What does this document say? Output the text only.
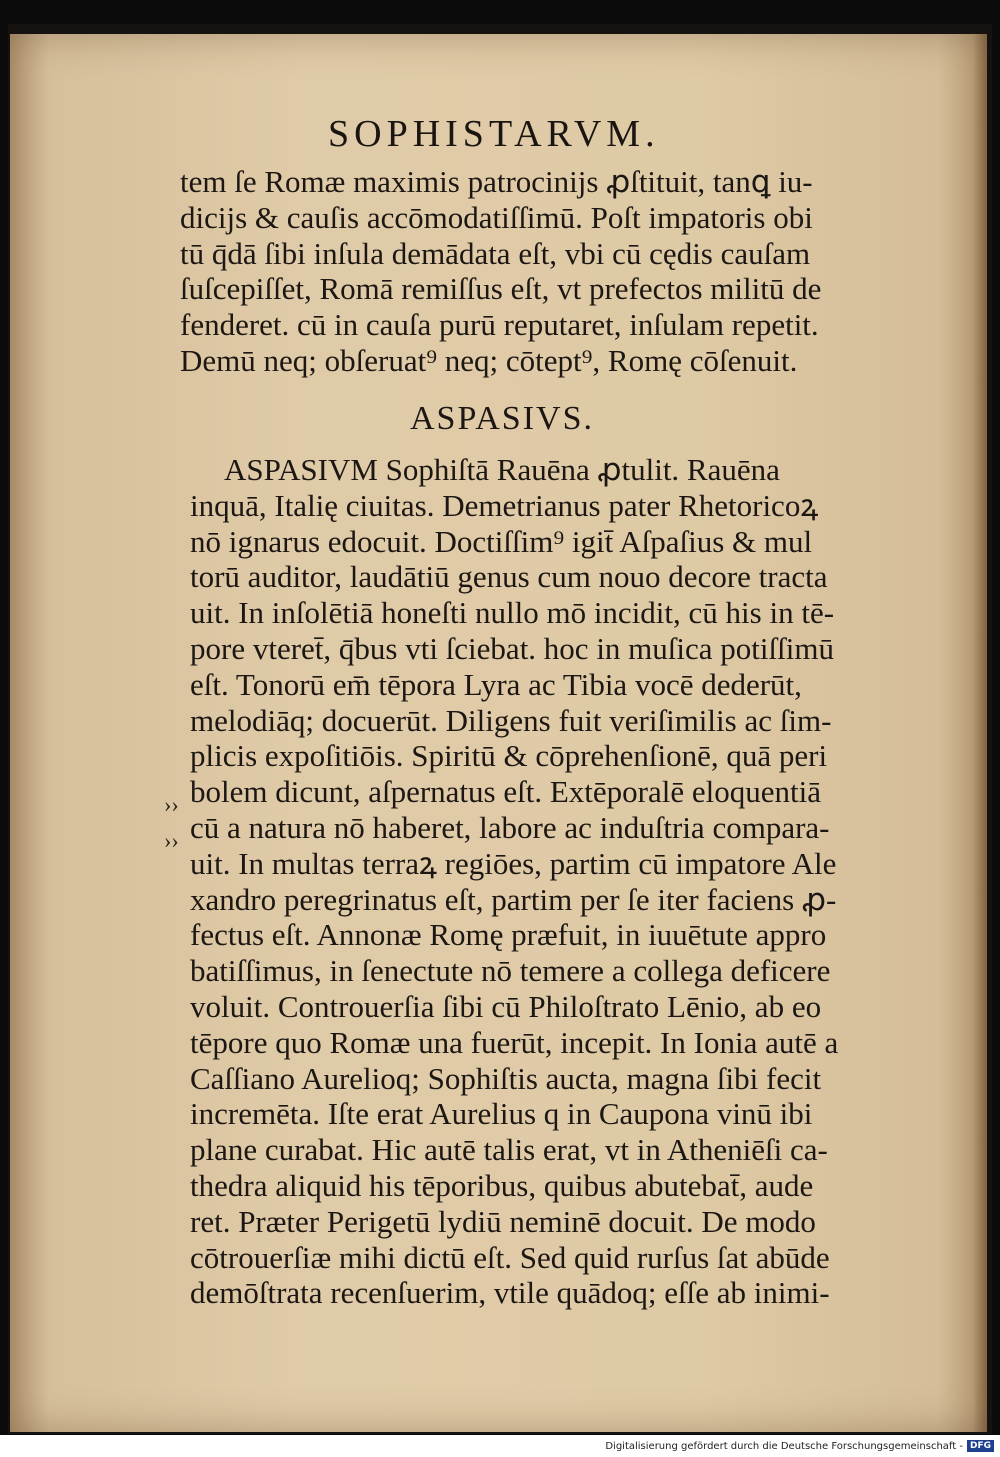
SOPHISTARVM.
tem ſe Romæ maximis patrocinijs ꝓſtituit, tanꝗ iu-
dicijs & cauſis accōmodatiſſimū. Poſt impatoris obi
tū q̄dā ſibi inſula demādata eſt, vbi cū cędis cauſam
ſuſcepiſſet, Romā remiſſus eſt, vt prefectos militū de
fenderet. cū in cauſa purū reputaret, inſulam repetit.
Demū neq; obſeruat⁹ neq; cōtept⁹, Romę cōſenuit.
ASPASIVS.
ASPASIVM Sophiſtā Rauēna ꝓtulit. Rauēna
inquā, Italię ciuitas. Demetrianus pater Rhetoricoꝝ
nō ignarus edocuit. Doctiſſim⁹ igit̄ Aſpaſius & mul
torū auditor, laudātiū genus cum nouo decore tracta
uit. In inſolētiā honeſti nullo mō incidit, cū his in tē-
pore vteret̄, q̄bus vti ſciebat. hoc in muſica potiſſimū
eſt. Tonorū em̄ tēpora Lyra ac Tibia vocē dederūt,
melodiāq; docuerūt. Diligens fuit veriſimilis ac ſim-
plicis expoſitiōis. Spiritū & cōprehenſionē, quā peri
bolem dicunt, aſpernatus eſt. Extēporalē eloquentiā
cū a natura nō haberet, labore ac induſtria compara-
uit. In multas terraꝝ regiōes, partim cū impatore Ale
xandro peregrinatus eſt, partim per ſe iter faciens ꝓ-
fectus eſt. Annonæ Romę præfuit, in iuuētute appro
batiſſimus, in ſenectute nō temere a collega deficere
voluit. Controuerſia ſibi cū Philoſtrato Lēnio, ab eo
tēpore quo Romæ una fuerūt, incepit. In Ionia autē a
Caſſiano Aurelioq; Sophiſtis aucta, magna ſibi fecit
incremēta. Iſte erat Aurelius q in Caupona vinū ibi
plane curabat. Hic autē talis erat, vt in Atheniēſi ca-
thedra aliquid his tēporibus, quibus abutebat̄, aude
ret. Præter Perigetū lydiū neminē docuit. De modo
cōtrouerſiæ mihi dictū eſt. Sed quid rurſus ſat abūde
demōſtrata recenſuerim, vtile quādoq; eſſe ab inimi-
››
››
Digitalisierung gefördert durch die Deutsche Forschungsgemeinschaft - DFG
